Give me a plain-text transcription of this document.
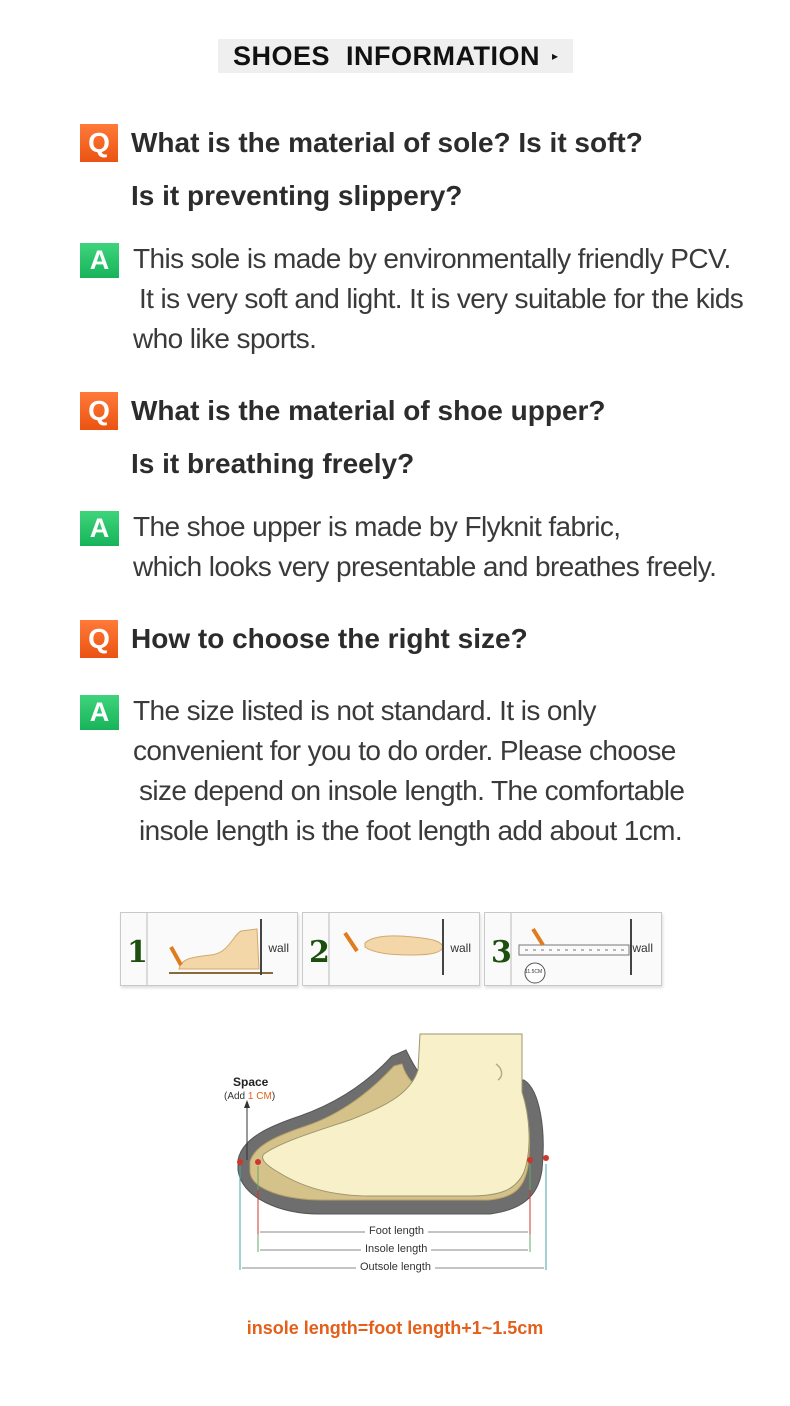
SHOES  INFORMATION ▸
Q What is the material of sole? Is it soft?
Is it preventing slippery?
A This sole is made by environmentally friendly PCV.
It is very soft and light. It is very suitable for the kids
who like sports.
Q What is the material of shoe upper?
Is it breathing freely?
A The shoe upper is made by Flyknit fabric,
which looks very presentable and breathes freely.
Q How to choose the right size?
A The size listed is not standard. It is only
convenient for you to do order. Please choose
size depend on insole length. The comfortable
insole length is the foot length add about 1cm.
1	wall 2	wall 3
11.5CM
wall
Space
(Add 1 CM)
Foot length
Insole length
Outsole length
insole length=foot length+1~1.5cm
